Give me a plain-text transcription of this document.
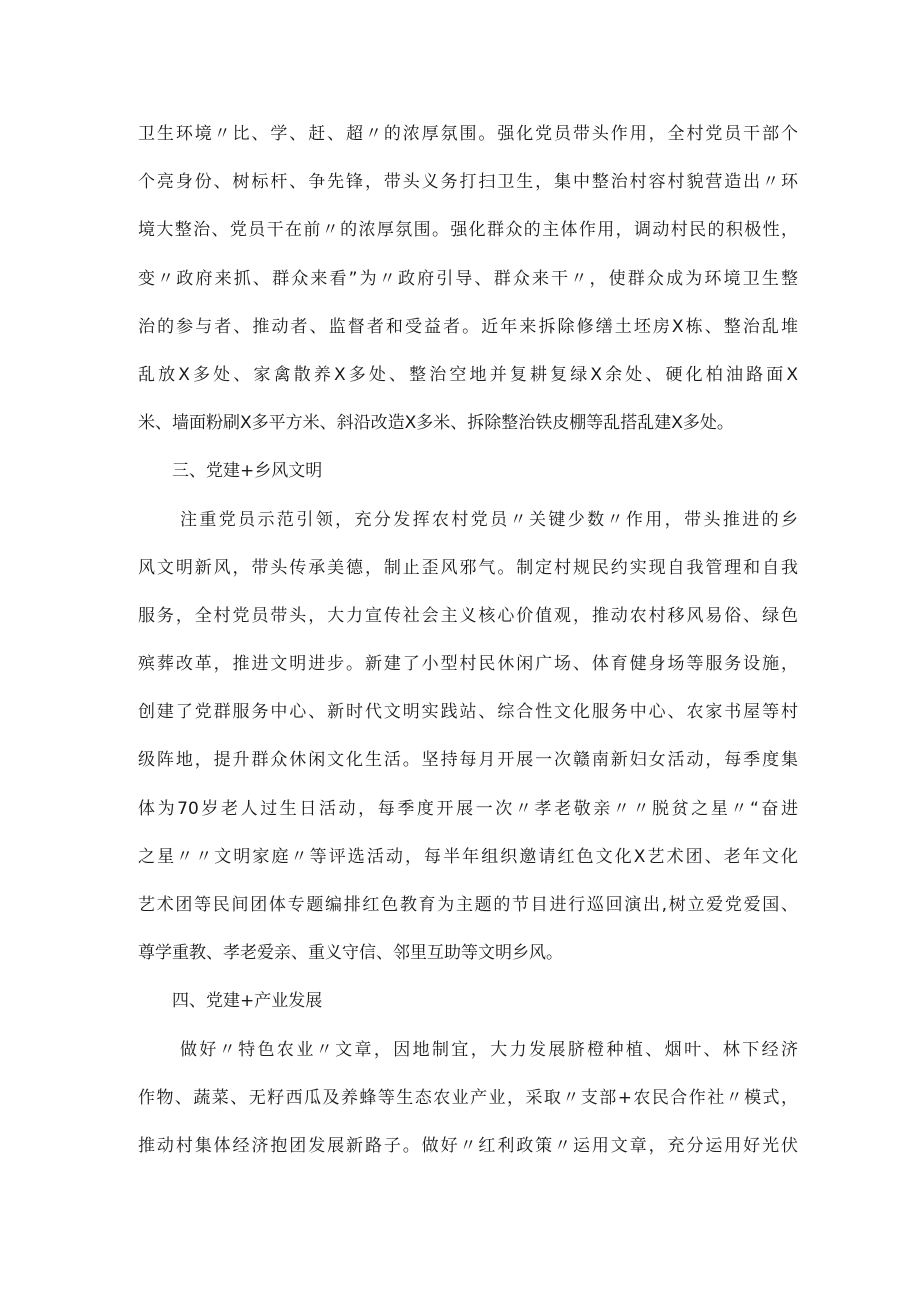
卫生环境〃比、学、赶、超〃的浓厚氛围。强化党员带头作用，全村党员干部个
个亮身份、树标杆、争先锋，带头义务打扫卫生，集中整治村容村貌营造出〃环
境大整治、党员干在前〃的浓厚氛围。强化群众的主体作用，调动村民的积极性，
变〃政府来抓、群众来看”为〃政府引导、群众来干〃，使群众成为环境卫生整
治的参与者、推动者、监督者和受益者。近年来拆除修缮土坯房X栋、整治乱堆
乱放X多处、家禽散养X多处、整治空地并复耕复绿X余处、硬化柏油路面X
米、墙面粉刷X多平方米、斜沿改造X多米、拆除整治铁皮棚等乱搭乱建X多处。
三、党建+乡风文明
注重党员示范引领，充分发挥农村党员〃关键少数〃作用，带头推进的乡
风文明新风，带头传承美德，制止歪风邪气。制定村规民约实现自我管理和自我
服务，全村党员带头，大力宣传社会主义核心价值观，推动农村移风易俗、绿色
殡葬改革，推进文明进步。新建了小型村民休闲广场、体育健身场等服务设施，
创建了党群服务中心、新时代文明实践站、综合性文化服务中心、农家书屋等村
级阵地，提升群众休闲文化生活。坚持每月开展一次赣南新妇女活动，每季度集
体为70岁老人过生日活动，每季度开展一次〃孝老敬亲〃〃脱贫之星〃“奋进
之星〃〃文明家庭〃等评选活动，每半年组织邀请红色文化X艺术团、老年文化
艺术团等民间团体专题编排红色教育为主题的节目进行巡回演出,树立爱党爱国、
尊学重教、孝老爱亲、重义守信、邻里互助等文明乡风。
四、党建+产业发展
做好〃特色农业〃文章，因地制宜，大力发展脐橙种植、烟叶、林下经济
作物、蔬菜、无籽西瓜及养蜂等生态农业产业，采取〃支部+农民合作社〃模式，
推动村集体经济抱团发展新路子。做好〃红利政策〃运用文章，充分运用好光伏
